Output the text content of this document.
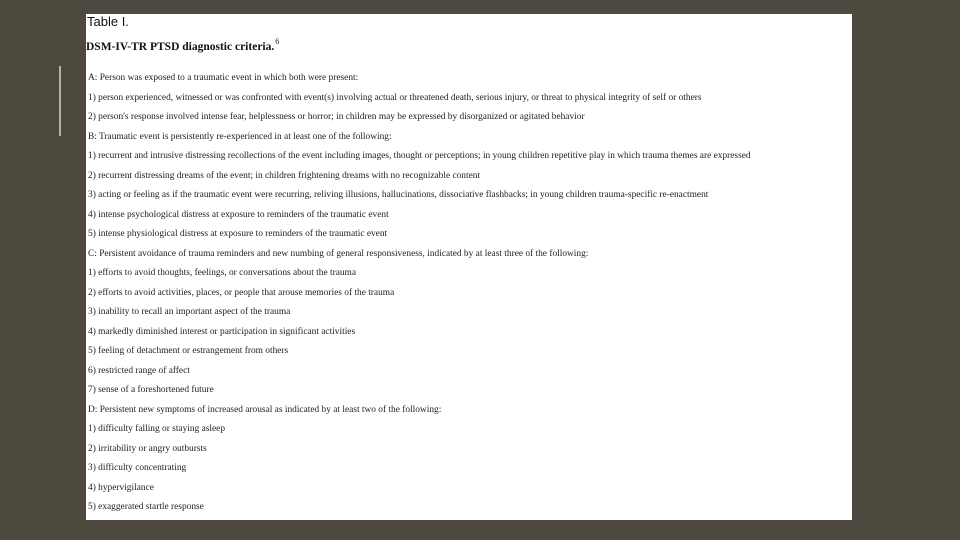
Table I.
DSM-IV-TR PTSD diagnostic criteria.$^6$
A: Person was exposed to a traumatic event in which both were present:
1) person experienced, witnessed or was confronted with event(s) involving actual or threatened death, serious injury, or threat to physical integrity of self or others
2) person's response involved intense fear, helplessness or horror; in children may be expressed by disorganized or agitated behavior
B: Traumatic event is persistently re-experienced in at least one of the following:
1) recurrent and intrusive distressing recollections of the event including images, thought or perceptions; in young children repetitive play in which trauma themes are expressed
2) recurrent distressing dreams of the event; in children frightening dreams with no recognizable content
3) acting or feeling as if the traumatic event were recurring, reliving illusions, hallucinations, dissociative flashbacks; in young children trauma-specific re-enactment
4) intense psychological distress at exposure to reminders of the traumatic event
5) intense physiological distress at exposure to reminders of the traumatic event
C: Persistent avoidance of trauma reminders and new numbing of general responsiveness, indicated by at least three of the following:
1) efforts to avoid thoughts, feelings, or conversations about the trauma
2) efforts to avoid activities, places, or people that arouse memories of the trauma
3) inability to recall an important aspect of the trauma
4) markedly diminished interest or participation in significant activities
5) feeling of detachment or estrangement from others
6) restricted range of affect
7) sense of a foreshortened future
D: Persistent new symptoms of increased arousal as indicated by at least two of the following:
1) difficulty falling or staying asleep
2) irritability or angry outbursts
3) difficulty concentrating
4) hypervigilance
5) exaggerated startle response
